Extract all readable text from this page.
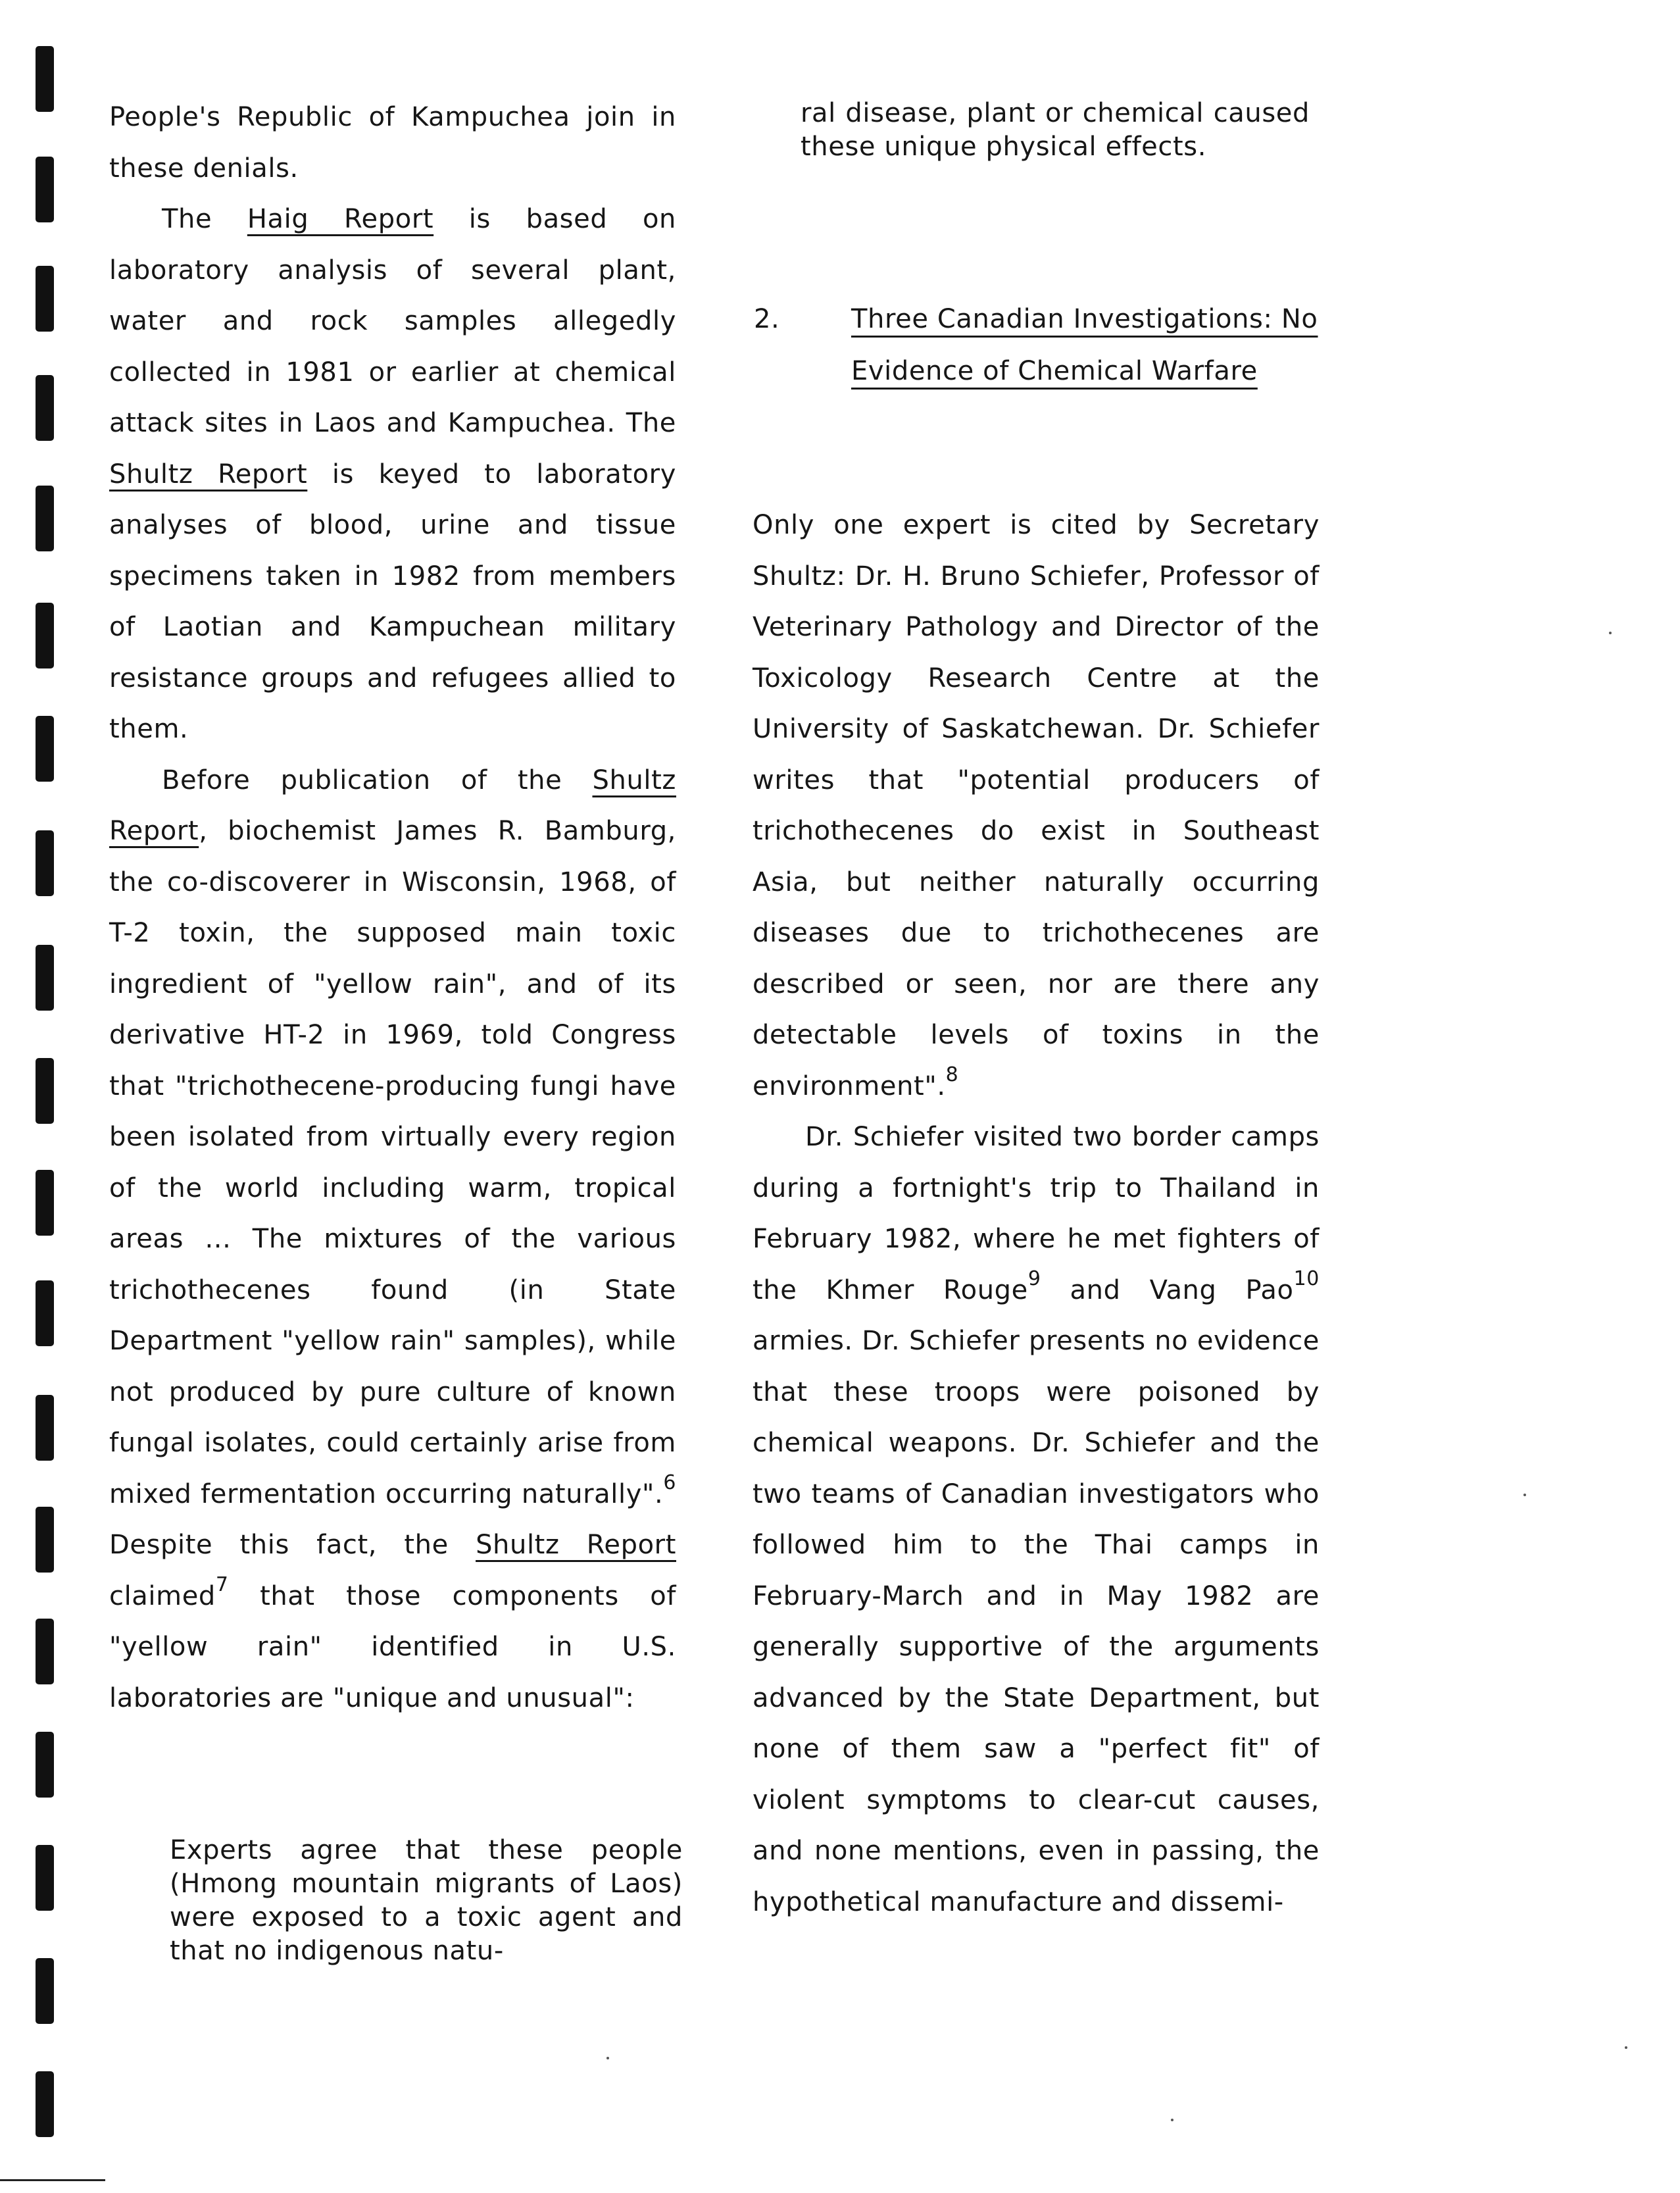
People's Republic of Kampuchea join in these denials.

The Haig Report is based on laboratory analysis of several plant, water and rock samples allegedly collected in 1981 or earlier at chemical attack sites in Laos and Kampuchea. The Shultz Report is keyed to laboratory analyses of blood, urine and tissue specimens taken in 1982 from members of Laotian and Kampuchean military resistance groups and refugees allied to them.

Before publication of the Shultz Report, biochemist James R. Bamburg, the co-discoverer in Wisconsin, 1968, of T-2 toxin, the supposed main toxic ingredient of "yellow rain", and of its derivative HT-2 in 1969, told Congress that "trichothecene-producing fungi have been isolated from virtually every region of the world including warm, tropical areas ... The mixtures of the various trichothecenes found (in State Department "yellow rain" samples), while not produced by pure culture of known fungal isolates, could certainly arise from mixed fermentation occurring naturally".$^6$ Despite this fact, the Shultz Report claimed$^7$ that those components of "yellow rain" identified in U.S. laboratories are "unique and unusual":

Experts agree that these people (Hmong mountain migrants of Laos) were exposed to a toxic agent and that no indigenous natu-

ral disease, plant or chemical caused these unique physical effects.

2.	Three Canadian Investigations: No Evidence of Chemical Warfare

Only one expert is cited by Secretary Shultz: Dr. H. Bruno Schiefer, Professor of Veterinary Pathology and Director of the Toxicology Research Centre at the University of Saskatchewan. Dr. Schiefer writes that "potential producers of trichothecenes do exist in Southeast Asia, but neither naturally occurring diseases due to trichothecenes are described or seen, nor are there any detectable levels of toxins in the environment".$^8$

Dr. Schiefer visited two border camps during a fortnight's trip to Thailand in February 1982, where he met fighters of the Khmer Rouge$^9$ and Vang Pao$^{10}$ armies. Dr. Schiefer presents no evidence that these troops were poisoned by chemical weapons. Dr. Schiefer and the two teams of Canadian investigators who followed him to the Thai camps in February-March and in May 1982 are generally supportive of the arguments advanced by the State Department, but none of them saw a "perfect fit" of violent symptoms to clear-cut causes, and none mentions, even in passing, the hypothetical manufacture and dissemi-
